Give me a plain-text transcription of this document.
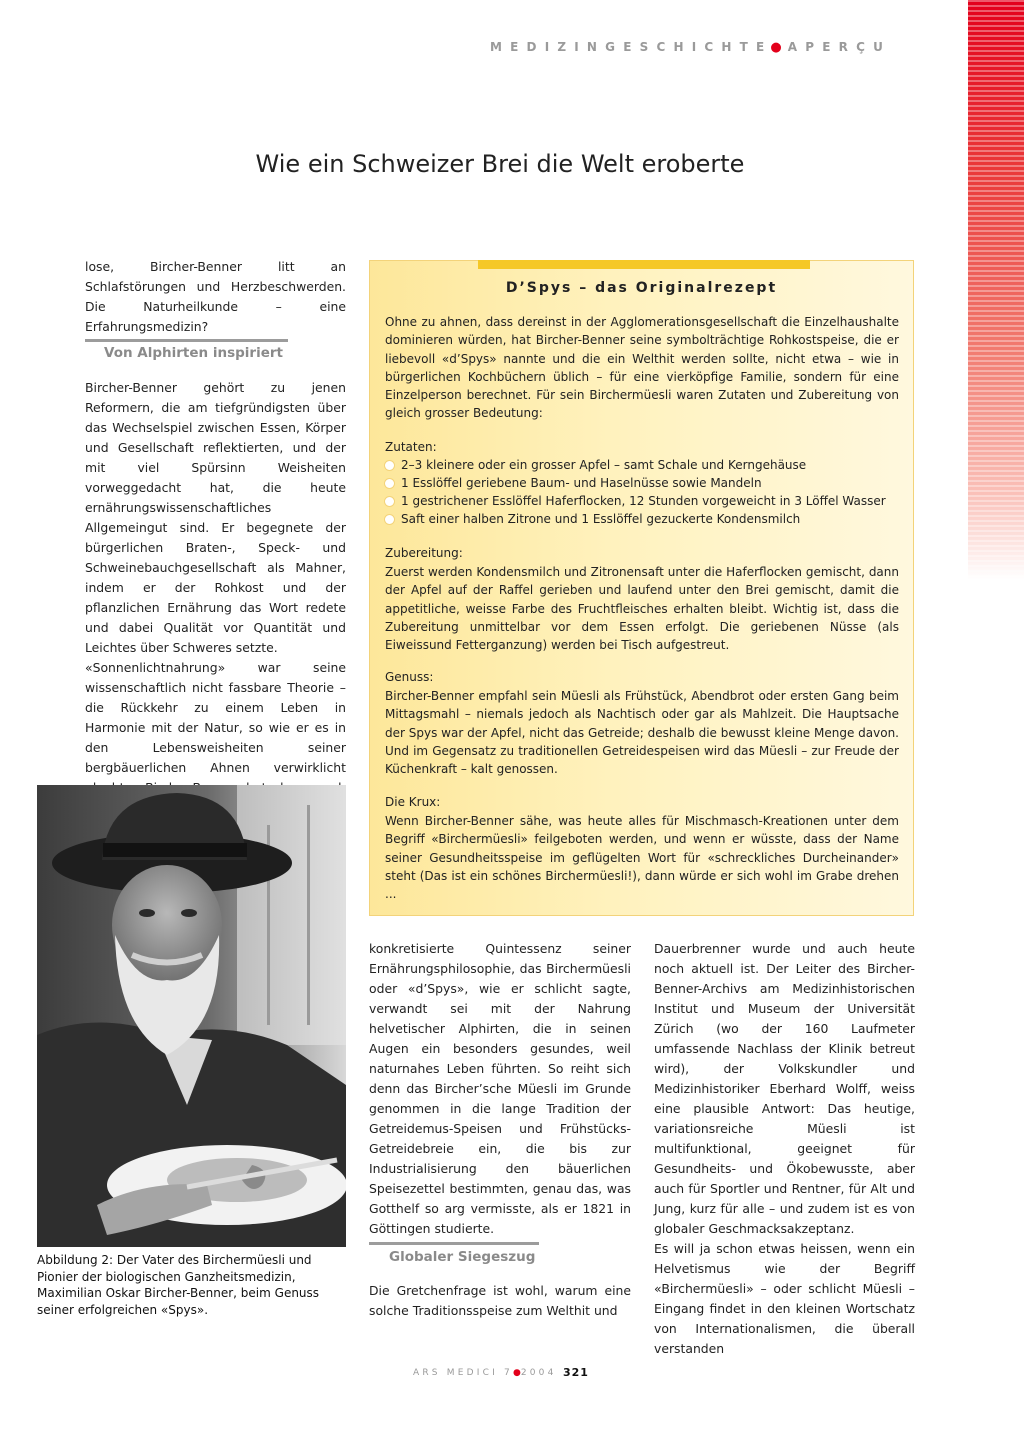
MEDIZINGESCHICHTE● APERÇU
Wie ein Schweizer Brei die Welt eroberte

lose, Bircher-Benner litt an Schlafstörungen und Herzbeschwerden. Die Naturheilkunde – eine Erfahrungsmedizin?

Von Alphirten inspiriert

Bircher-Benner gehört zu jenen Reformern, die am tiefgründigsten über das Wechselspiel zwischen Essen, Körper und Gesellschaft reflektierten, und der mit viel Spürsinn Weisheiten vorweggedacht hat, die heute ernährungswissenschaftliches Allgemeingut sind. Er begegnete der bürgerlichen Braten-, Speck- und Schweinebauchgesellschaft als Mahner, indem er der Rohkost und der pflanzlichen Ernährung das Wort redete und dabei Qualität vor Quantität und Leichtes über Schweres setzte.

«Sonnenlichtnahrung» war seine wissenschaftlich nicht fassbare Theorie – die Rückkehr zu einem Leben in Harmonie mit der Natur, so wie er es in den Lebensweisheiten seiner bergbäuerlichen Ahnen verwirklicht

Abbildung 2: Der Vater des Birchermüesli und Pionier der biologischen Ganzheitsmedizin, Maximilian Oskar Bircher-Benner, beim Genuss seiner erfolgreichen «Spys».
D’Spys – das Originalrezept
Ohne zu ahnen, dass dereinst in der Agglomerationsgesellschaft die Einzelhaushalte dominieren würden, hat Bircher-Benner seine symbolträchtige Rohkostspeise, die er liebevoll «d’Spys» nannte und die ein Welthit werden sollte, nicht etwa – wie in bürgerlichen Kochbüchern üblich – für eine vierköpfige Familie, sondern für eine Einzelperson berechnet. Für sein Birchermüesli waren Zutaten und Zubereitung von gleich grosser Bedeutung:
Zutaten:
2–3 kleinere oder ein grosser Apfel – samt Schale und Kerngehäuse
1 Esslöffel geriebene Baum- und Haselnüsse sowie Mandeln
1 gestrichener Esslöffel Haferflocken, 12 Stunden vorgeweicht in 3 Löffel Wasser
Saft einer halben Zitrone und 1 Esslöffel gezuckerte Kondensmilch
Zubereitung:
Zuerst werden Kondensmilch und Zitronensaft unter die Haferflocken gemischt, dann der Apfel auf der Raffel gerieben und laufend unter den Brei gemischt, damit die appetitliche, weisse Farbe des Fruchtfleisches erhalten bleibt. Wichtig ist, dass die Zubereitung unmittelbar vor dem Essen erfolgt. Die geriebenen Nüsse (als Eiweissund Fetterganzung) werden bei Tisch aufgestreut.
Genuss:
Bircher-Benner empfahl sein Müesli als Frühstück, Abendbrot oder ersten Gang beim Mittagsmahl – niemals jedoch als Nachtisch oder gar als Mahlzeit. Die Hauptsache der Spys war der Apfel, nicht das Getreide; deshalb die bewusst kleine Menge davon. Und im Gegensatz zu traditionellen Getreidespeisen wird das Müesli – zur Freude der Küchenkraft – kalt genossen.
Die Krux:
Wenn Bircher-Benner sähe, was heute alles für Mischmasch-Kreationen unter dem Begriff «Birchermüesli» feilgeboten werden, und wenn er wüsste, dass der Name seiner Gesundheitsspeise im geflügelten Wort für «schreckliches Durcheinander» steht (Das ist ein schönes Birchermüesli!), dann würde er sich wohl im Grabe drehen ...

konkretisierte Quintessenz seiner Ernährungsphilosophie, das Birchermüesli oder «d’Spys», wie er schlicht sagte, verwandt sei mit der Nahrung helvetischer Alphirten, die in seinen Augen ein besonders gesundes, weil naturnahes Leben führten. So reiht sich denn das Bircher’sche Müesli im Grunde genommen in die lange Tradition der Getreidemus-Speisen und Frühstücks-Getreidebreie ein, die bis zur Industrialisierung den bäuerlichen Speisezettel bestimmten, genau das, was Gotthelf so arg vermisste, als er 1821 in Göttingen studierte.

Globaler Siegeszug

Die Gretchenfrage ist wohl, warum eine solche Traditionsspeise zum Welthit und

Dauerbrenner wurde und auch heute noch aktuell ist. Der Leiter des Bircher-Benner-Archivs am Medizinhistorischen Institut und Museum der Universität Zürich (wo der 160 Laufmeter umfassende Nachlass der Klinik betreut wird), der Volkskundler und Medizinhistoriker Eberhard Wolff, weiss eine plausible Antwort: Das heutige, variationsreiche Müesli ist multifunktional, geeignet für Gesundheits- und Ökobewusste, aber auch für Sportler und Rentner, für Alt und Jung, kurz für alle – und zudem ist es von globaler Geschmacksakzeptanz.

Es will ja schon etwas heissen, wenn ein Helvetismus wie der Begriff «Birchermüesli» – oder schlicht Müesli – Eingang findet in den kleinen Wortschatz von Internationalismen, die überall verstanden

ARS MEDICI 7●2004 321
